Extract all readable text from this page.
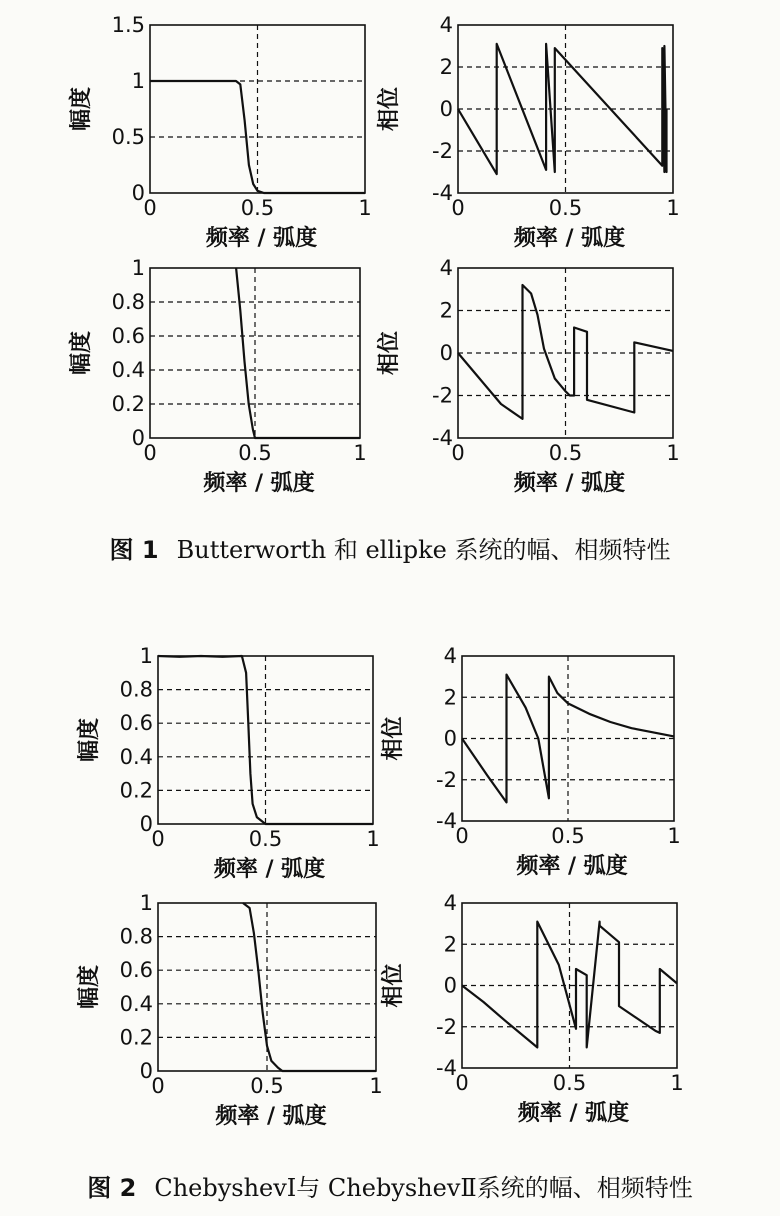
0	0.5	1
0
0.5
1
1.5
频率 / 弧度
幅度
0	0.5	1
-4
-2
0
2
4
频率 / 弧度
相位
0	0.5	1
0
0.2
0.4
0.6
0.8
1
频率 / 弧度
幅度
0	0.5	1
-4
-2
0
2
4
频率 / 弧度
相位
0	0.5	1
0
0.2
0.4
0.6
0.8
1
频率 / 弧度
幅度
0	0.5	1
-4
-2
0
2
4
频率 / 弧度
相位
0	0.5	1
0
0.2
0.4
0.6
0.8
1
频率 / 弧度
幅度
0	0.5	1
-4
-2
0
2
4
频率 / 弧度
相位
图 1 Butterworth 和 ellipke 系统的幅、相频特性
图 2 ChebyshevⅠ与 ChebyshevⅡ系统的幅、相频特性
